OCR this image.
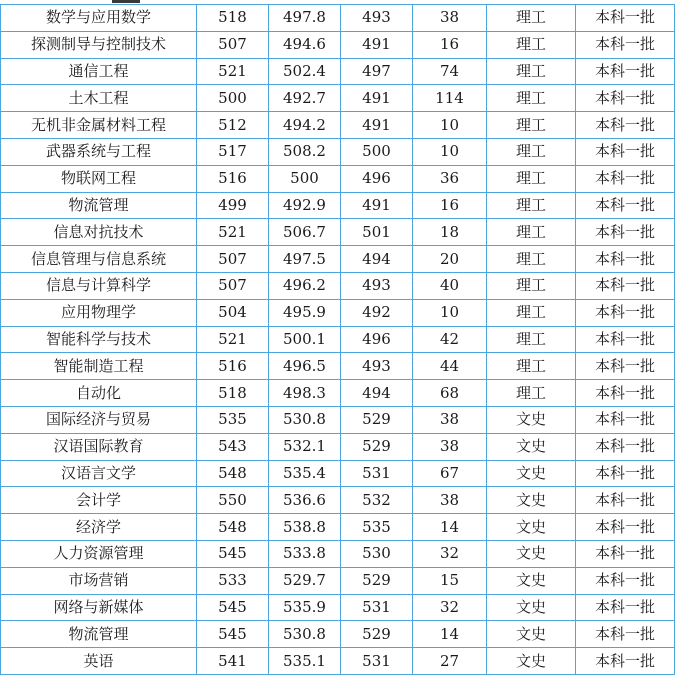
数学与应用数学	518	497.8	493	38	理工	本科一批
探测制导与控制技术	507	494.6	491	16	理工	本科一批
通信工程	521	502.4	497	74	理工	本科一批
土木工程	500	492.7	491	114	理工	本科一批
无机非金属材料工程	512	494.2	491	10	理工	本科一批
武器系统与工程	517	508.2	500	10	理工	本科一批
物联网工程	516	500	496	36	理工	本科一批
物流管理	499	492.9	491	16	理工	本科一批
信息对抗技术	521	506.7	501	18	理工	本科一批
信息管理与信息系统	507	497.5	494	20	理工	本科一批
信息与计算科学	507	496.2	493	40	理工	本科一批
应用物理学	504	495.9	492	10	理工	本科一批
智能科学与技术	521	500.1	496	42	理工	本科一批
智能制造工程	516	496.5	493	44	理工	本科一批
自动化	518	498.3	494	68	理工	本科一批
国际经济与贸易	535	530.8	529	38	文史	本科一批
汉语国际教育	543	532.1	529	38	文史	本科一批
汉语言文学	548	535.4	531	67	文史	本科一批
会计学	550	536.6	532	38	文史	本科一批
经济学	548	538.8	535	14	文史	本科一批
人力资源管理	545	533.8	530	32	文史	本科一批
市场营销	533	529.7	529	15	文史	本科一批
网络与新媒体	545	535.9	531	32	文史	本科一批
物流管理	545	530.8	529	14	文史	本科一批
英语	541	535.1	531	27	文史	本科一批
